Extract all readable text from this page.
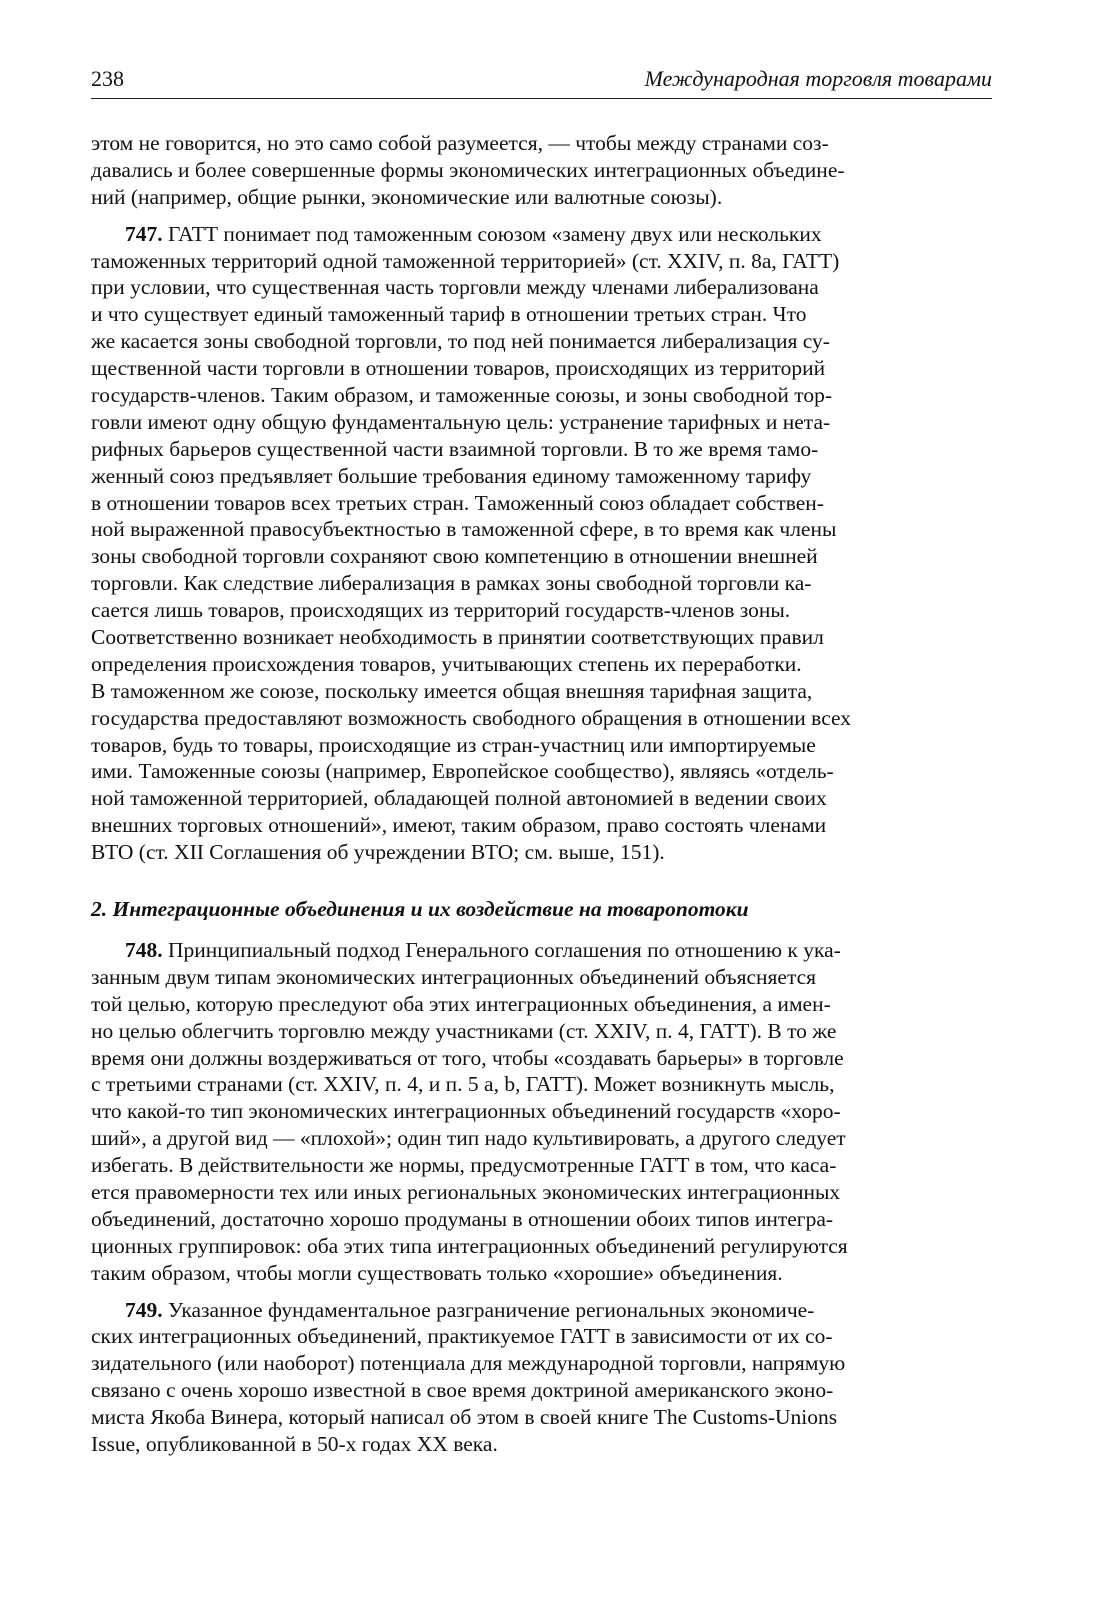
238	Международная торговля товарами
этом не говорится, но это само собой разумеется, — чтобы между странами соз-
давались и более совершенные формы экономических интеграционных объедине-
ний (например, общие рынки, экономические или валютные союзы).
747. ГАТТ понимает под таможенным союзом «замену двух или нескольких
таможенных территорий одной таможенной территорией» (ст. XXIV, п. 8а, ГАТТ)
при условии, что существенная часть торговли между членами либерализована
и что существует единый таможенный тариф в отношении третьих стран. Что
же касается зоны свободной торговли, то под ней понимается либерализация су-
щественной части торговли в отношении товаров, происходящих из территорий
государств-членов. Таким образом, и таможенные союзы, и зоны свободной тор-
говли имеют одну общую фундаментальную цель: устранение тарифных и нета-
рифных барьеров существенной части взаимной торговли. В то же время тамо-
женный союз предъявляет большие требования единому таможенному тарифу
в отношении товаров всех третьих стран. Таможенный союз обладает собствен-
ной выраженной правосубъектностью в таможенной сфере, в то время как члены
зоны свободной торговли сохраняют свою компетенцию в отношении внешней
торговли. Как следствие либерализация в рамках зоны свободной торговли ка-
сается лишь товаров, происходящих из территорий государств-членов зоны.
Соответственно возникает необходимость в принятии соответствующих правил
определения происхождения товаров, учитывающих степень их переработки.
В таможенном же союзе, поскольку имеется общая внешняя тарифная защита,
государства предоставляют возможность свободного обращения в отношении всех
товаров, будь то товары, происходящие из стран-участниц или импортируемые
ими. Таможенные союзы (например, Европейское сообщество), являясь «отдель-
ной таможенной территорией, обладающей полной автономией в ведении своих
внешних торговых отношений», имеют, таким образом, право состоять членами
ВТО (ст. XII Соглашения об учреждении ВТО; см. выше, 151).
2. Интеграционные объединения и их воздействие на товаропотоки
748. Принципиальный подход Генерального соглашения по отношению к ука-
занным двум типам экономических интеграционных объединений объясняется
той целью, которую преследуют оба этих интеграционных объединения, а имен-
но целью облегчить торговлю между участниками (ст. XXIV, п. 4, ГАТТ). В то же
время они должны воздерживаться от того, чтобы «создавать барьеры» в торговле
с третьими странами (ст. XXIV, п. 4, и п. 5 а, b, ГАТТ). Может возникнуть мысль,
что какой-то тип экономических интеграционных объединений государств «хоро-
ший», а другой вид — «плохой»; один тип надо культивировать, а другого следует
избегать. В действительности же нормы, предусмотренные ГАТТ в том, что каса-
ется правомерности тех или иных региональных экономических интеграционных
объединений, достаточно хорошо продуманы в отношении обоих типов интегра-
ционных группировок: оба этих типа интеграционных объединений регулируются
таким образом, чтобы могли существовать только «хорошие» объединения.
749. Указанное фундаментальное разграничение региональных экономиче-
ских интеграционных объединений, практикуемое ГАТТ в зависимости от их со-
зидательного (или наоборот) потенциала для международной торговли, напрямую
связано с очень хорошо известной в свое время доктриной американского эконо-
миста Якоба Винера, который написал об этом в своей книге The Customs-Unions
Issue, опубликованной в 50-х годах XX века.
